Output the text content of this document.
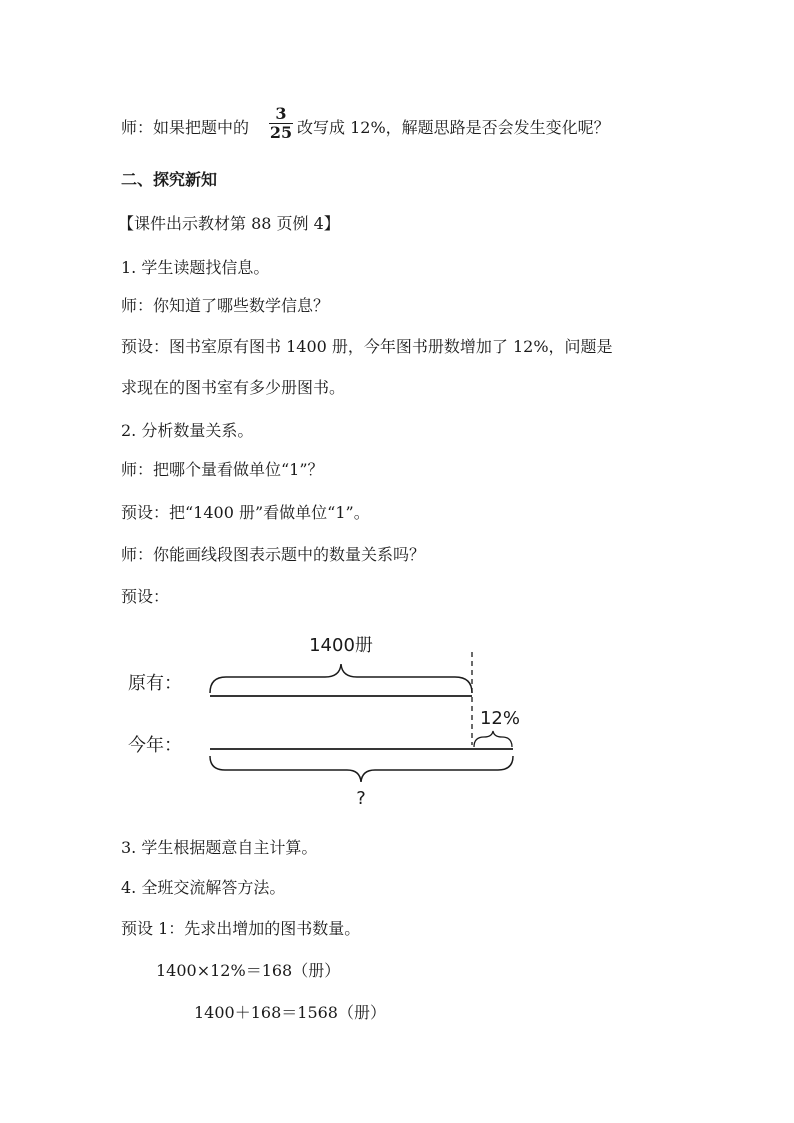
师：如果把题中的 $\frac{3}{25}$ 改写成 12%，解题思路是否会发生变化呢？
二、探究新知
【课件出示教材第 88 页例 4】
1. 学生读题找信息。
师：你知道了哪些数学信息？
预设：图书室原有图书 1400 册，今年图书册数增加了 12%，问题是
求现在的图书室有多少册图书。
2. 分析数量关系。
师：把哪个量看做单位“1”？
预设：把“1400 册”看做单位“1”。
师：你能画线段图表示题中的数量关系吗？
预设：
原有：
今年：
1400册
12%
?
3. 学生根据题意自主计算。
4. 全班交流解答方法。
预设 1：先求出增加的图书数量。
1400×12%＝168（册）
1400＋168＝1568（册）
